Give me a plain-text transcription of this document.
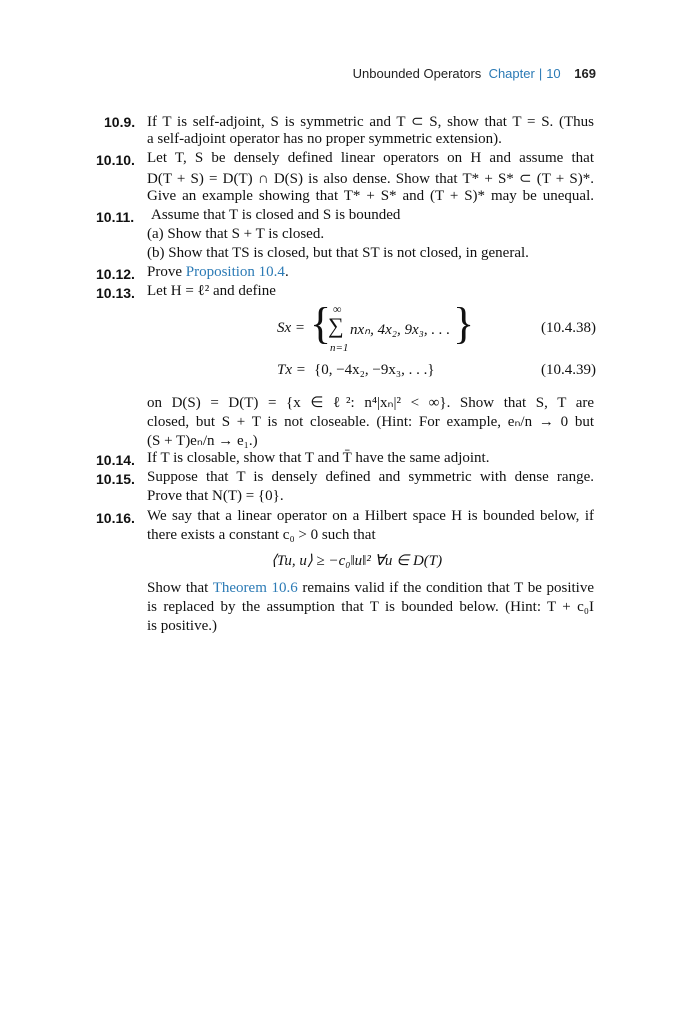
Unbounded Operators Chapter | 10 169
10.9. If T is self-adjoint, S is symmetric and T ⊂ S, show that T = S. (Thus
a self-adjoint operator has no proper symmetric extension).
10.10. Let T, S be densely defined linear operators on H and assume that
D(T + S) = D(T) ∩ D(S) is also dense. Show that T* + S* ⊂ (T + S)*.
Give an example showing that T* + S* and (T + S)* may be unequal.
10.11. Assume that T is closed and S is bounded
(a) Show that S + T is closed.
(b) Show that TS is closed, but that ST is not closed, in general.
10.12. Prove Proposition 10.4.
10.13. Let H = ℓ² and define
Sx = { ∞
∑
n=1
nxₙ, 4x₂, 9x₃, . . . }	(10.4.38)
Tx = {0, −4x₂, −9x₃, . . .}	(10.4.39)
on D(S) = D(T) = {x ∈ ℓ²: n⁴|xₙ|² < ∞}. Show that S, T are
closed, but S + T is not closeable. (Hint: For example, eₙ/n → 0 but
(S + T)eₙ/n → e₁.)
10.14. If T is closable, show that T and T̄ have the same adjoint.
10.15. Suppose that T is densely defined and symmetric with dense range.
Prove that N(T) = {0}.
10.16. We say that a linear operator on a Hilbert space H is bounded below, if
there exists a constant c₀ > 0 such that
⟨Tu, u⟩ ≥ −c₀‖u‖² ∀u ∈ D(T)
Show that Theorem 10.6 remains valid if the condition that T be positive
is replaced by the assumption that T is bounded below. (Hint: T + c₀I
is positive.)
